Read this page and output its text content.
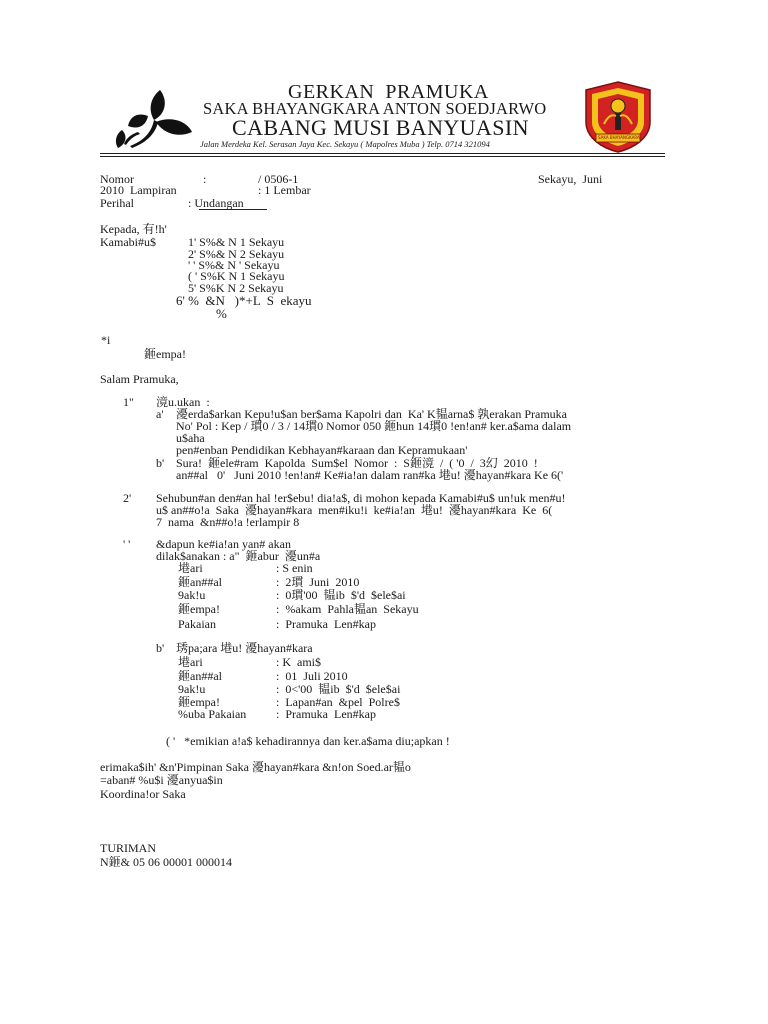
GERKAN  PRAMUKA
SAKA BHAYANGKARA ANTON SOEDJARWO
CABANG MUSI BANYUASIN
Jalan Merdeka Kel. Serasan Jaya Kec. Sekayu ( Mapolres Muba ) Telp. 0714 321094
SAKA BHAYANGKARA
Nomor	:	/ 0506-1	Sekayu,  Juni
2010  Lampiran	: 1 Lembar
Perihal	: Undangan
Kepada, 有!h'
Kamabi#u$	1' S%& N 1 Sekayu
2' S%& N 2 Sekayu
' ' S%& N ' Sekayu
( ' S%K N 1 Sekayu
5' S%K N 2 Sekayu
6' %  &N   )*+L  S  ekayu
%
*i
鉔empa!
Salam Pramuka,
1" 滰u.ukan  :
a' 瀀erda$arkan Kepu!u$an ber$ama Kapolri dan  Ka' K韫arna$ 孰erakan Pramuka
No' Pol : Kep / 瑻0 / 3 / 14瑻0 Nomor 050 鉔hun 14瑻0 !en!an# ker.a$ama dalam
u$aha
pen#enban Pendidikan Kebhayan#karaan dan Kepramukaan'
b' Sura!  鉔ele#ram  Kapolda  Sum$el  Nomor  :  S鉔滰  /  ( '0  /  3幻  2010  !
an##al   0'   Juni 2010 !en!an# Ke#ia!an dalam ran#ka 塂u! 瀀hayan#kara Ke 6('
2' Sehubun#an den#an hal !er$ebu! dia!a$, di mohon kepada Kamabi#u$ un!uk men#u!
u$ an##o!a  Saka  瀀hayan#kara  men#iku!i  ke#ia!an  塂u!  瀀hayan#kara  Ke  6(
7  nama  &n##o!a !erlampir 8
' ' &dapun ke#ia!an yan# akan
dilak$anakan : a"  鉔abur  瀀un#a
塂ari	: S enin
鉔an##al	:  2瑻  Juni  2010
9ak!u	:  0瑻'00  韫ib  $'d  $ele$ai
鉔empa!	:  %akam  Pahla韫an  Sekayu
Pakaian	:  Pramuka  Len#kap
b' 琇pa;ara 塂u! 瀀hayan#kara
塂ari	: K  ami$
鉔an##al	:  01  Juli 2010
9ak!u	:  0<'00  韫ib  $'d  $ele$ai
鉔empa!	:  Lapan#an  &pel  Polre$
%uba Pakaian :  Pramuka  Len#kap
( '   *emikian a!a$ kehadirannya dan ker.a$ama diu;apkan !
erimaka$ih' &n'Pimpinan Saka 瀀hayan#kara &n!on Soed.ar韫o
=aban# %u$i 瀀anyua$in
Koordina!or Saka
TURIMAN
N鉔& 05 06 00001 000014
